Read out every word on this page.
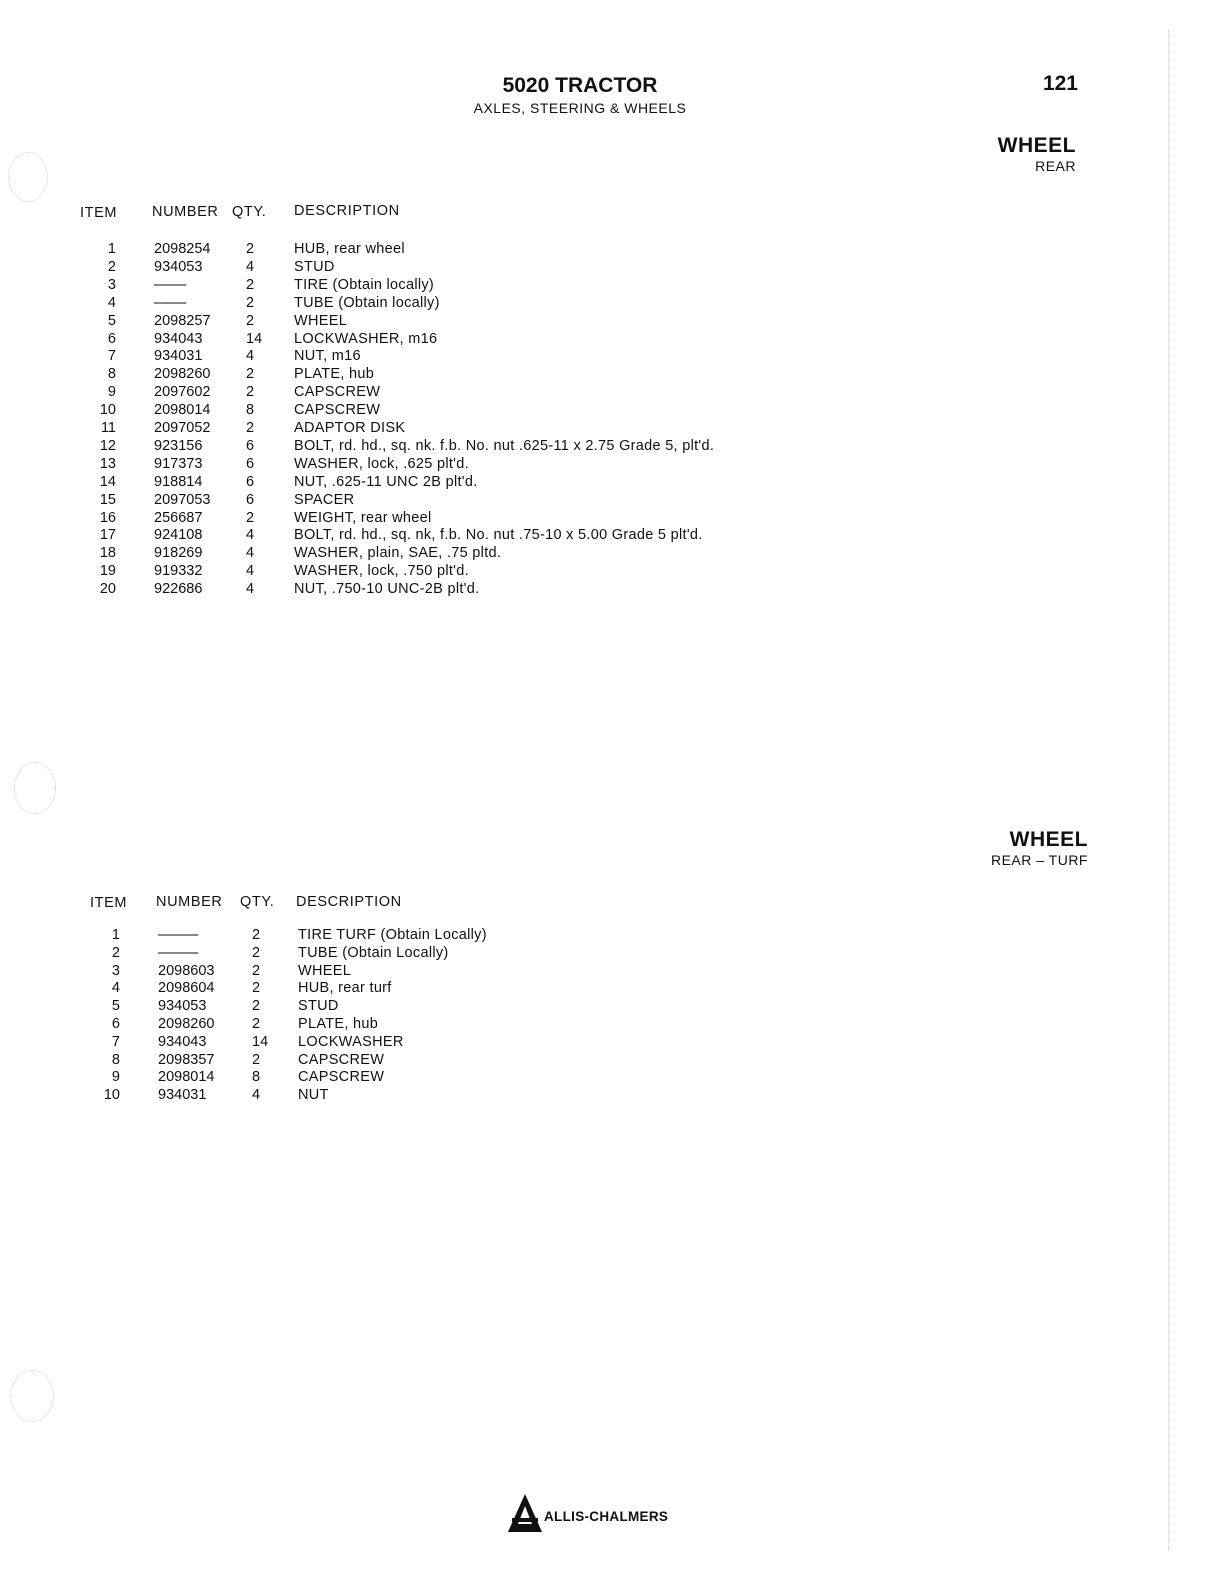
5020 TRACTOR
AXLES, STEERING & WHEELS
121
WHEEL
REAR
ITEM NUMBER QTY. DESCRIPTION
1	2098254 2	HUB, rear wheel
2	934053	4	STUD
3	––––	2	TIRE (Obtain locally)
4	––––	2	TUBE (Obtain locally)
5	2098257 2	WHEEL
6	934043	14 LOCKWASHER, m16
7	934031	4	NUT, m16
8	2098260 2	PLATE, hub
9	2097602 2	CAPSCREW
10	2098014 8	CAPSCREW
11	2097052 2	ADAPTOR DISK
12	923156	6	BOLT, rd. hd., sq. nk. f.b. No. nut .625-11 x 2.75 Grade 5, plt'd.
13	917373	6	WASHER, lock, .625 plt'd.
14	918814	6	NUT, .625-11 UNC 2B plt'd.
15	2097053 6	SPACER
16	256687	2	WEIGHT, rear wheel
17	924108	4	BOLT, rd. hd., sq. nk, f.b. No. nut .75-10 x 5.00 Grade 5 plt'd.
18	918269	4	WASHER, plain, SAE, .75 pltd.
19	919332	4	WASHER, lock, .750 plt'd.
20	922686	4	NUT, .750-10 UNC-2B plt'd.
WHEEL
REAR – TURF
ITEM NUMBER QTY. DESCRIPTION
1	–––––	2	TIRE TURF (Obtain Locally)
2	–––––	2	TUBE (Obtain Locally)
3	2098603	2	WHEEL
4	2098604	2	HUB, rear turf
5	934053	2	STUD
6	2098260	2	PLATE, hub
7	934043	14 LOCKWASHER
8	2098357	2	CAPSCREW
9	2098014	8	CAPSCREW
10	934031	4	NUT
ALLIS-CHALMERS
